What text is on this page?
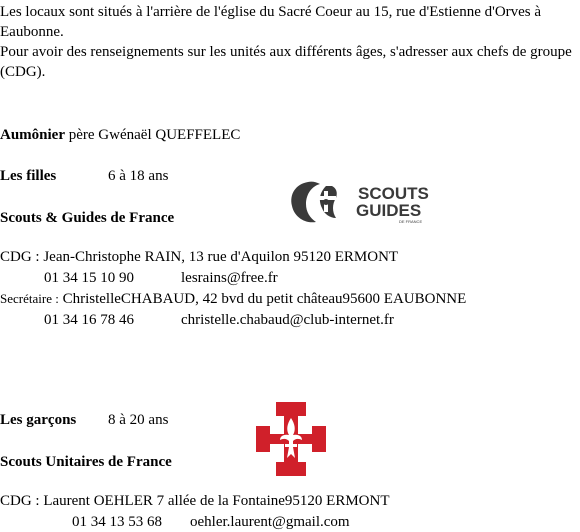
Les locaux sont situés à l'arrière de l'église du Sacré Coeur au 15, rue d'Estienne d'Orves à Eaubonne.

Pour avoir des renseignements sur les unités aux différents âges, s'adresser aux chefs de groupe (CDG).

Aumônier père Gwénaël QUEFFELEC
Les filles	6 à 18 ans
Scouts & Guides de France
SCOUTS
GUIDES
DE FRANCE
CDG : Jean-Christophe RAIN, 13 rue d'Aquilon 95120 ERMONT
01 34 15 10 90	lesrains@free.fr
Secrétaire : ChristelleCHABAUD, 42 bvd du petit château95600 EAUBONNE
01 34 16 78 46	christelle.chabaud@club-internet.fr
Les garçons 8 à 20 ans
Scouts Unitaires de France
CDG : Laurent OEHLER 7 allée de la Fontaine95120 ERMONT
01 34 13 53 68 oehler.laurent@gmail.com
